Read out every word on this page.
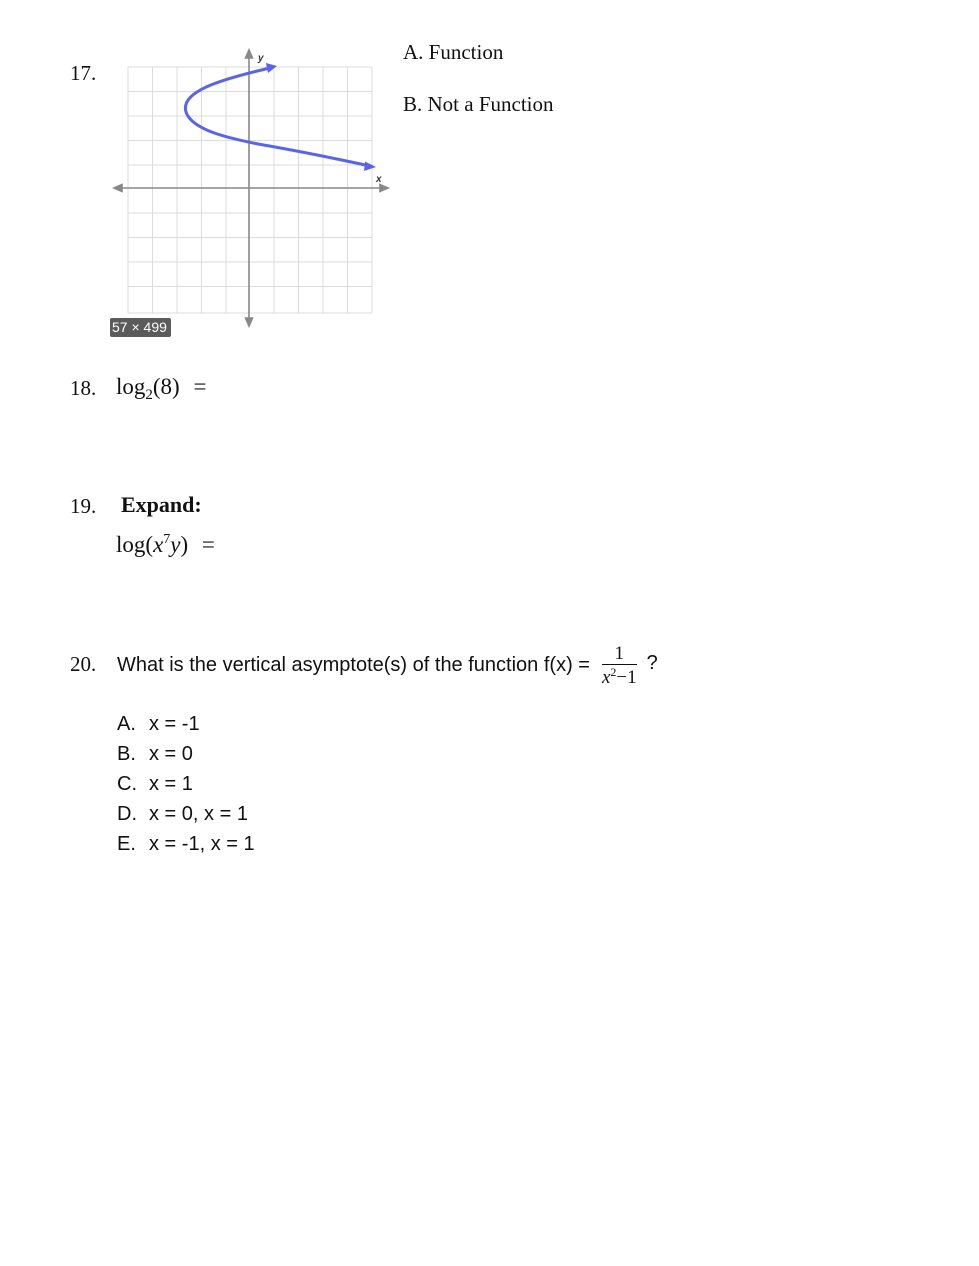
17.
y
x
57 × 499
A. Function
B. Not a Function
18. $\log_2(8)$ =
19. Expand:
$\log(x^7y)$ =
20. What is the vertical asymptote(s) of the function $f(x) = \frac{1}{x^2-1}$ ?
A. x = -1
B. x = 0
C. x = 1
D. x = 0, x = 1
E. x = -1, x = 1
